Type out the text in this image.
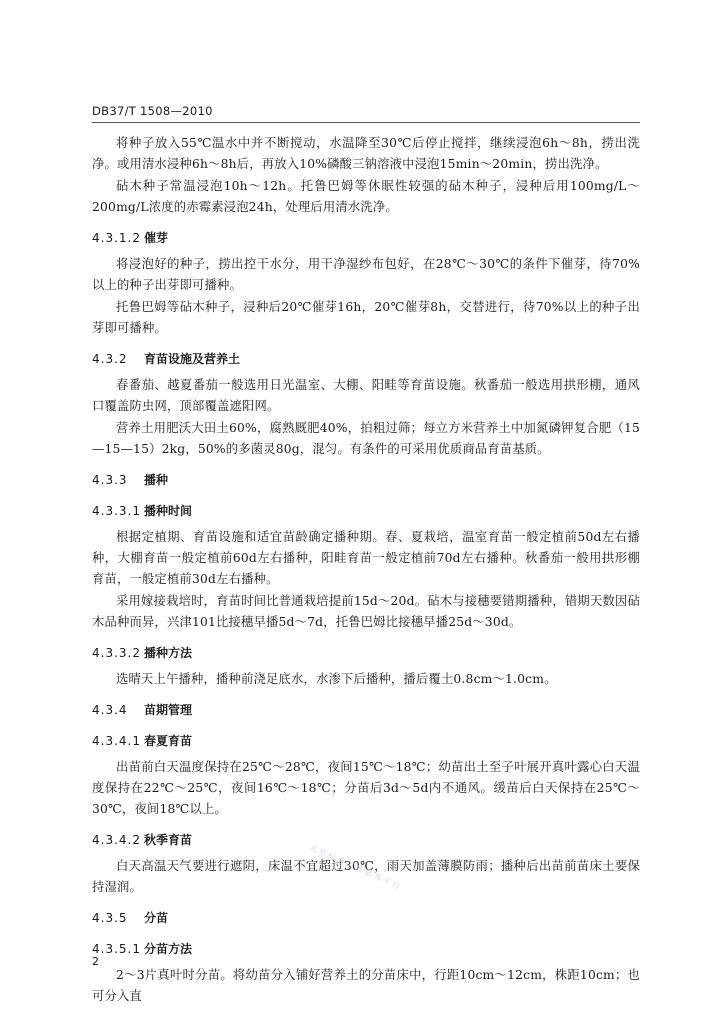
DB37/T 1508—2010

将种子放入55℃温水中并不断搅动，水温降至30℃后停止搅拌，继续浸泡6h～8h，捞出洗净。或用清水浸种6h～8h后，再放入10%磷酸三钠溶液中浸泡15min～20min，捞出洗净。

砧木种子常温浸泡10h～12h。托鲁巴姆等休眠性较强的砧木种子，浸种后用100mg/L～200mg/L浓度的赤霉素浸泡24h，处理后用清水洗净。

4.3.1.2 催芽

将浸泡好的种子，捞出控干水分，用干净湿纱布包好，在28℃～30℃的条件下催芽，待70%以上的种子出芽即可播种。

托鲁巴姆等砧木种子，浸种后20℃催芽16h，20℃催芽8h，交替进行，待70%以上的种子出芽即可播种。

4.3.2 育苗设施及营养土

春番茄、越夏番茄一般选用日光温室、大棚、阳畦等育苗设施。秋番茄一般选用拱形棚，通风口覆盖防虫网，顶部覆盖遮阳网。

营养土用肥沃大田土60%，腐熟厩肥40%，拍粗过筛；每立方米营养土中加氮磷钾复合肥（15—15—15）2kg，50%的多菌灵80g，混匀。有条件的可采用优质商品育苗基质。

4.3.3 播种
4.3.3.1 播种时间

根据定植期、育苗设施和适宜苗龄确定播种期。春、夏栽培，温室育苗一般定植前50d左右播种，大棚育苗一般定植前60d左右播种，阳畦育苗一般定植前70d左右播种。秋番茄一般用拱形棚育苗，一般定植前30d左右播种。

采用嫁接栽培时，育苗时间比普通栽培提前15d～20d。砧木与接穗要错期播种，错期天数因砧木品种而异，兴津101比接穗早播5d～7d，托鲁巴姆比接穗早播25d～30d。

4.3.3.2 播种方法

选晴天上午播种，播种前浇足底水，水渗下后播种，播后覆土0.8cm～1.0cm。

4.3.4 苗期管理
4.3.4.1 春夏育苗

出苗前白天温度保持在25℃～28℃，夜间15℃～18℃；幼苗出土至子叶展开真叶露心白天温度保持在22℃～25℃，夜间16℃～18℃；分苗后3d～5d内不通风。缓苗后白天保持在25℃～30℃，夜间18℃以上。

4.3.4.2 秋季育苗

白天高温天气要进行遮阴，床温不宜超过30℃，雨天加盖薄膜防雨；播种后出苗前苗床土要保持湿润。

4.3.5 分苗
4.3.5.1 分苗方法

2～3片真叶时分苗。将幼苗分入铺好营养土的分苗床中，行距10cm～12cm，株距10cm；也可分入直

北京标准信息服务平台
2
